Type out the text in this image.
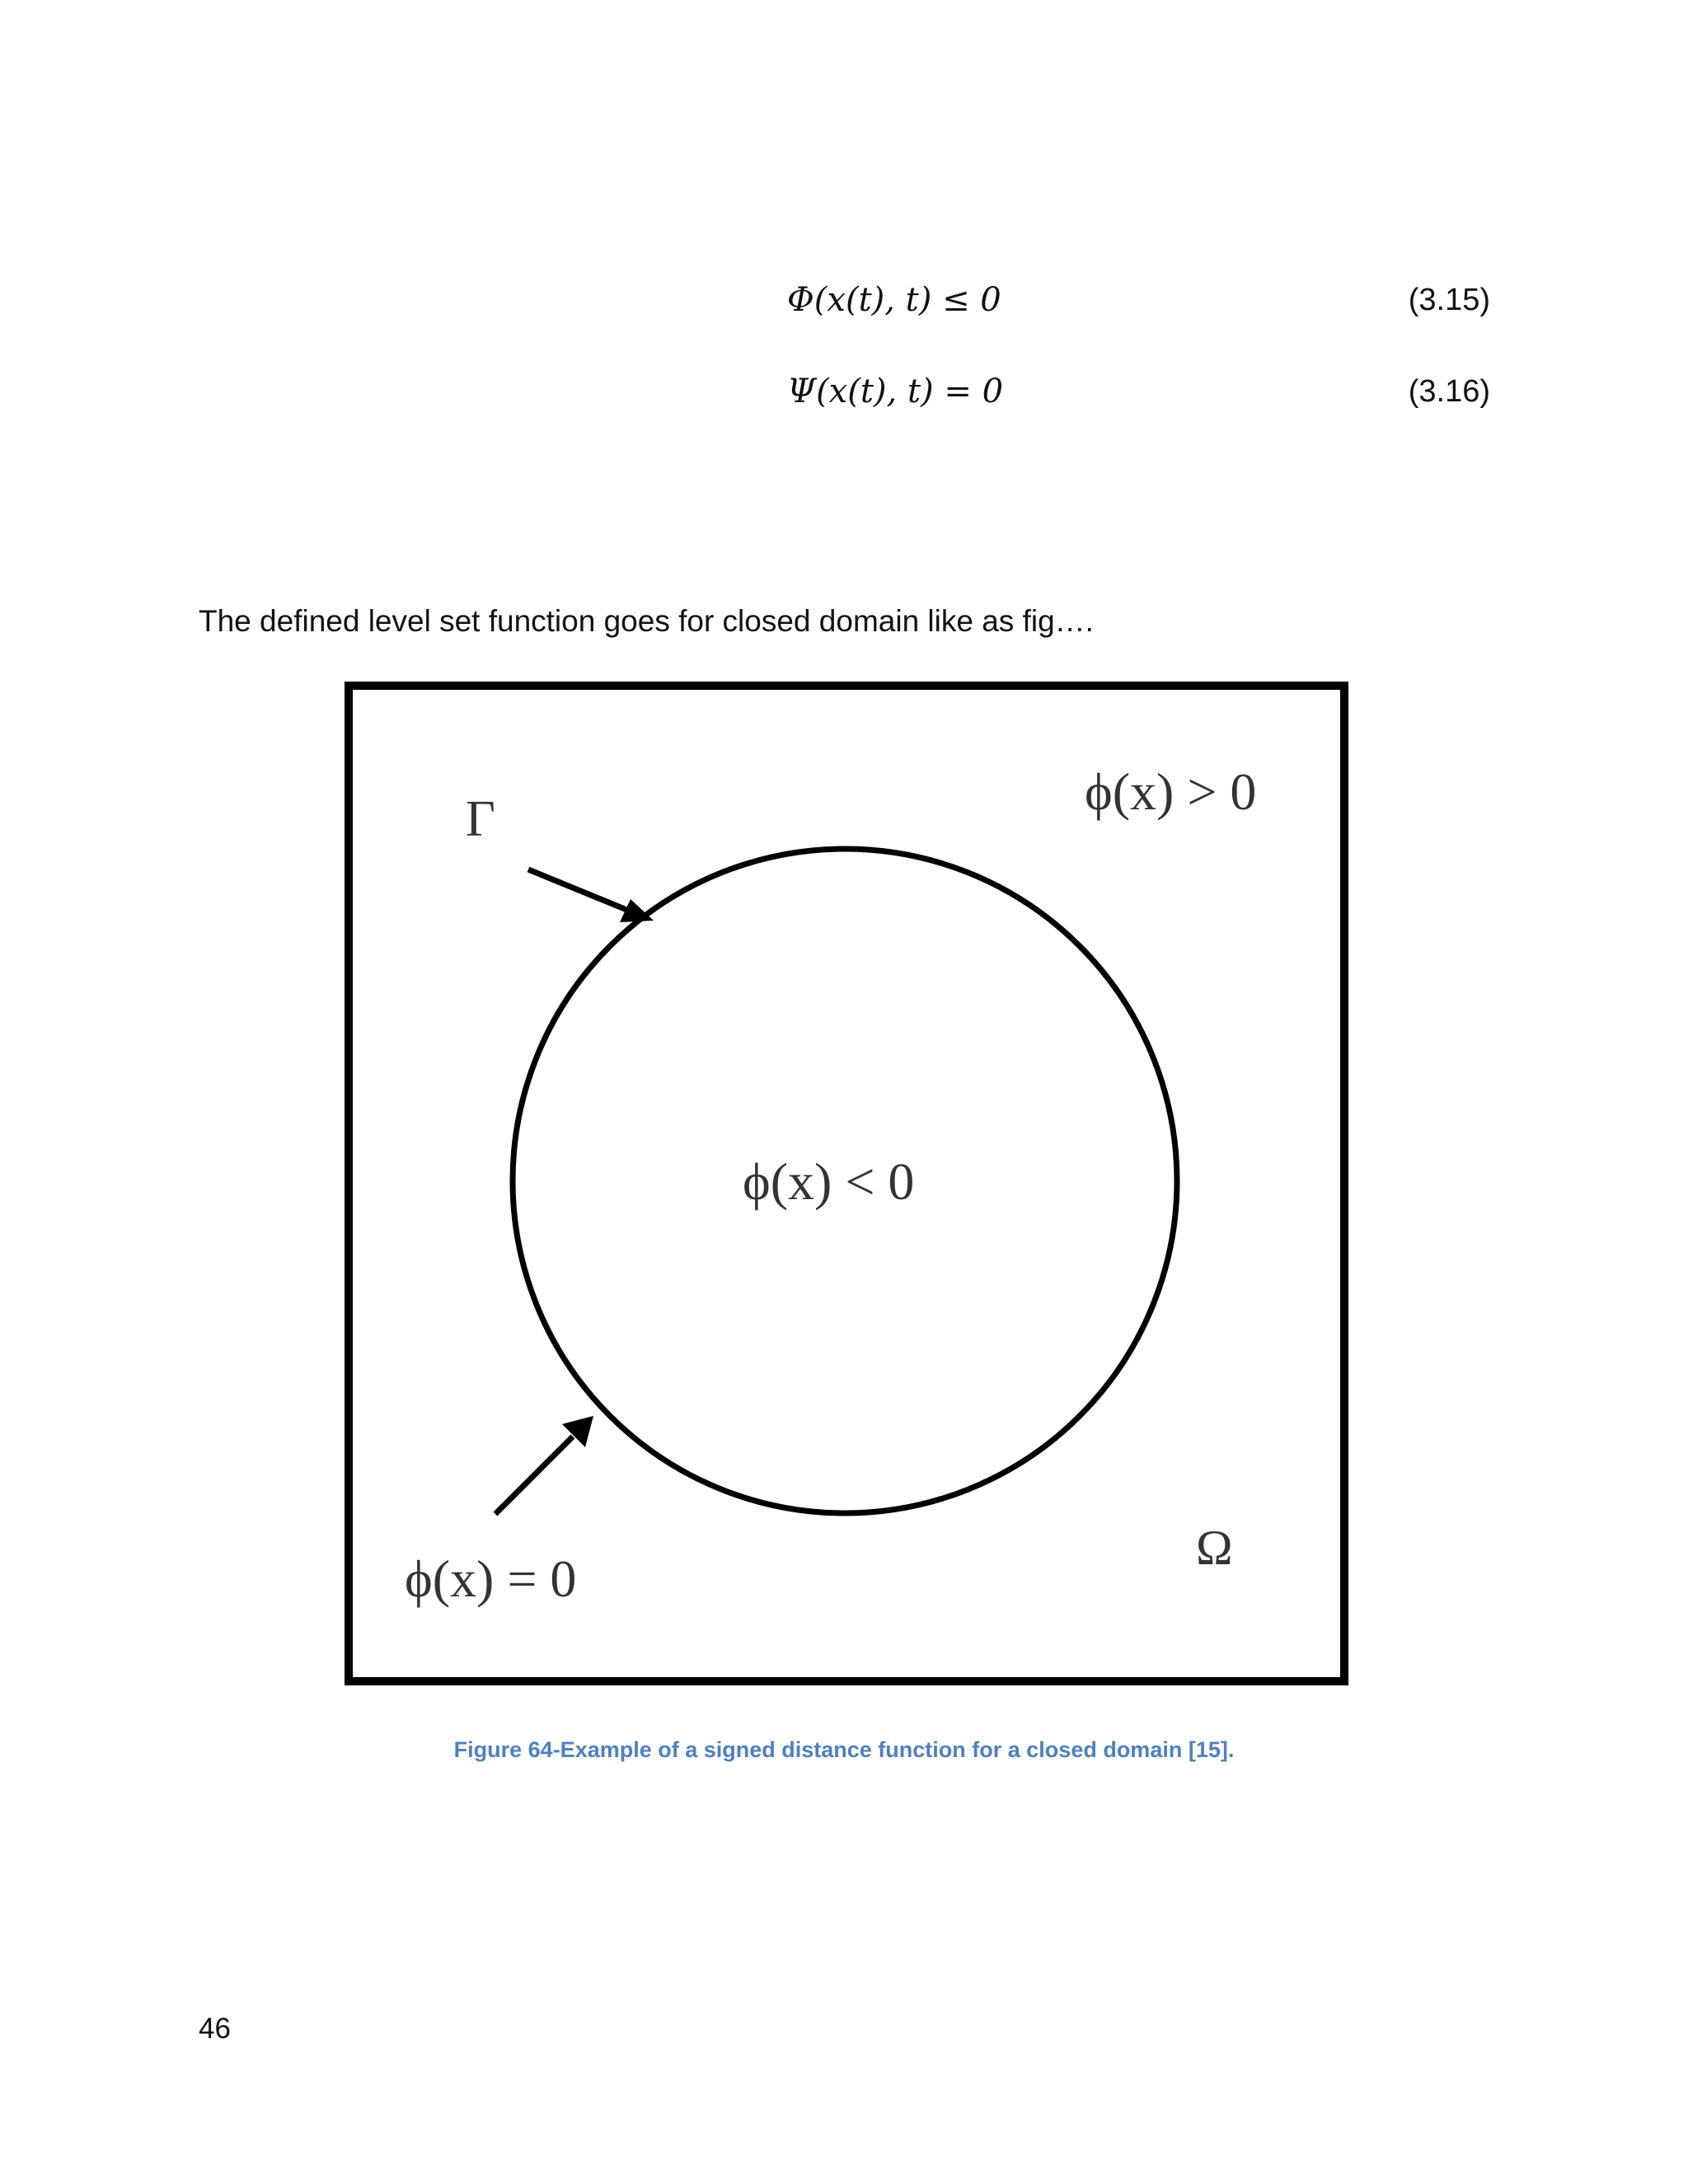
Φ(x(t), t) ≤ 0	(3.15)
Ψ(x(t), t) = 0	(3.16)
The defined level set function goes for closed domain like as fig….
Γ	ϕ(x) > 0
ϕ(x) < 0
ϕ(x) = 0
Ω
Figure 64-Example of a signed distance function for a closed domain [15].
46
